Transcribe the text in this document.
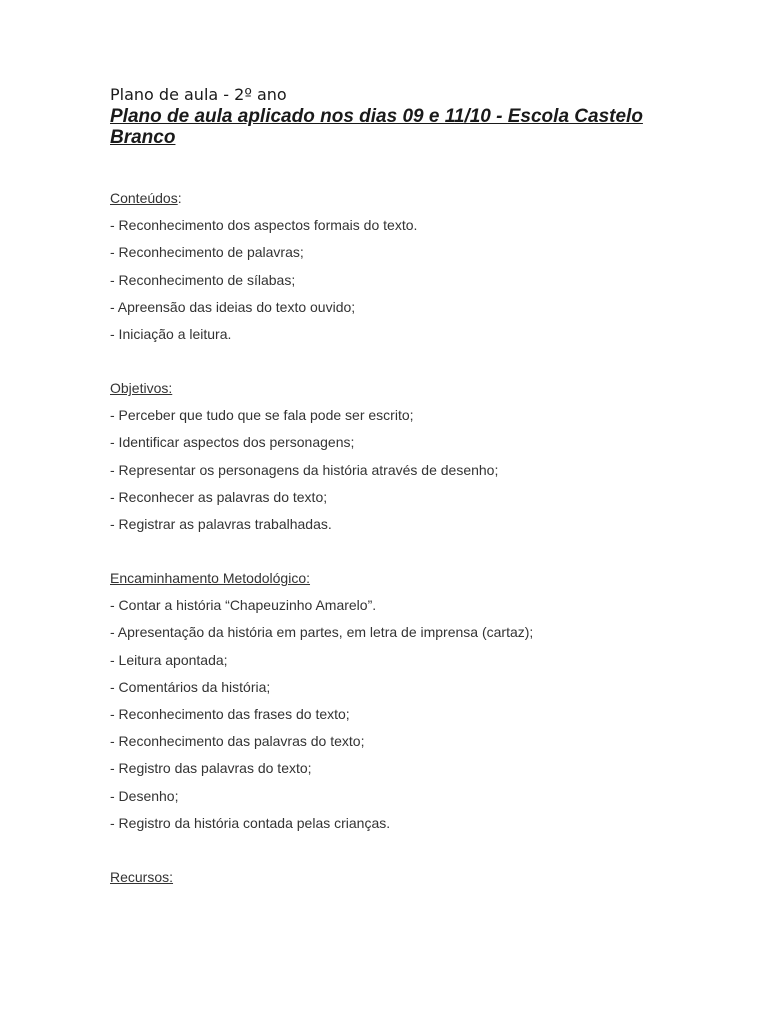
Plano de aula - 2º ano

Plano de aula aplicado nos dias 09 e 11/10 - Escola Castelo Branco

Conteúdos:

- Reconhecimento dos aspectos formais do texto.

- Reconhecimento de palavras;

- Reconhecimento de sílabas;

- Apreensão das ideias do texto ouvido;

- Iniciação a leitura.

Objetivos:

- Perceber que tudo que se fala pode ser escrito;

- Identificar aspectos dos personagens;

- Representar os personagens da história através de desenho;

- Reconhecer as palavras do texto;

- Registrar as palavras trabalhadas.

Encaminhamento Metodológico:

- Contar a história “Chapeuzinho Amarelo”.

- Apresentação da história em partes, em letra de imprensa (cartaz);

- Leitura apontada;

- Comentários da história;

- Reconhecimento das frases do texto;

- Reconhecimento das palavras do texto;

- Registro das palavras do texto;

- Desenho;

- Registro da história contada pelas crianças.

Recursos:
